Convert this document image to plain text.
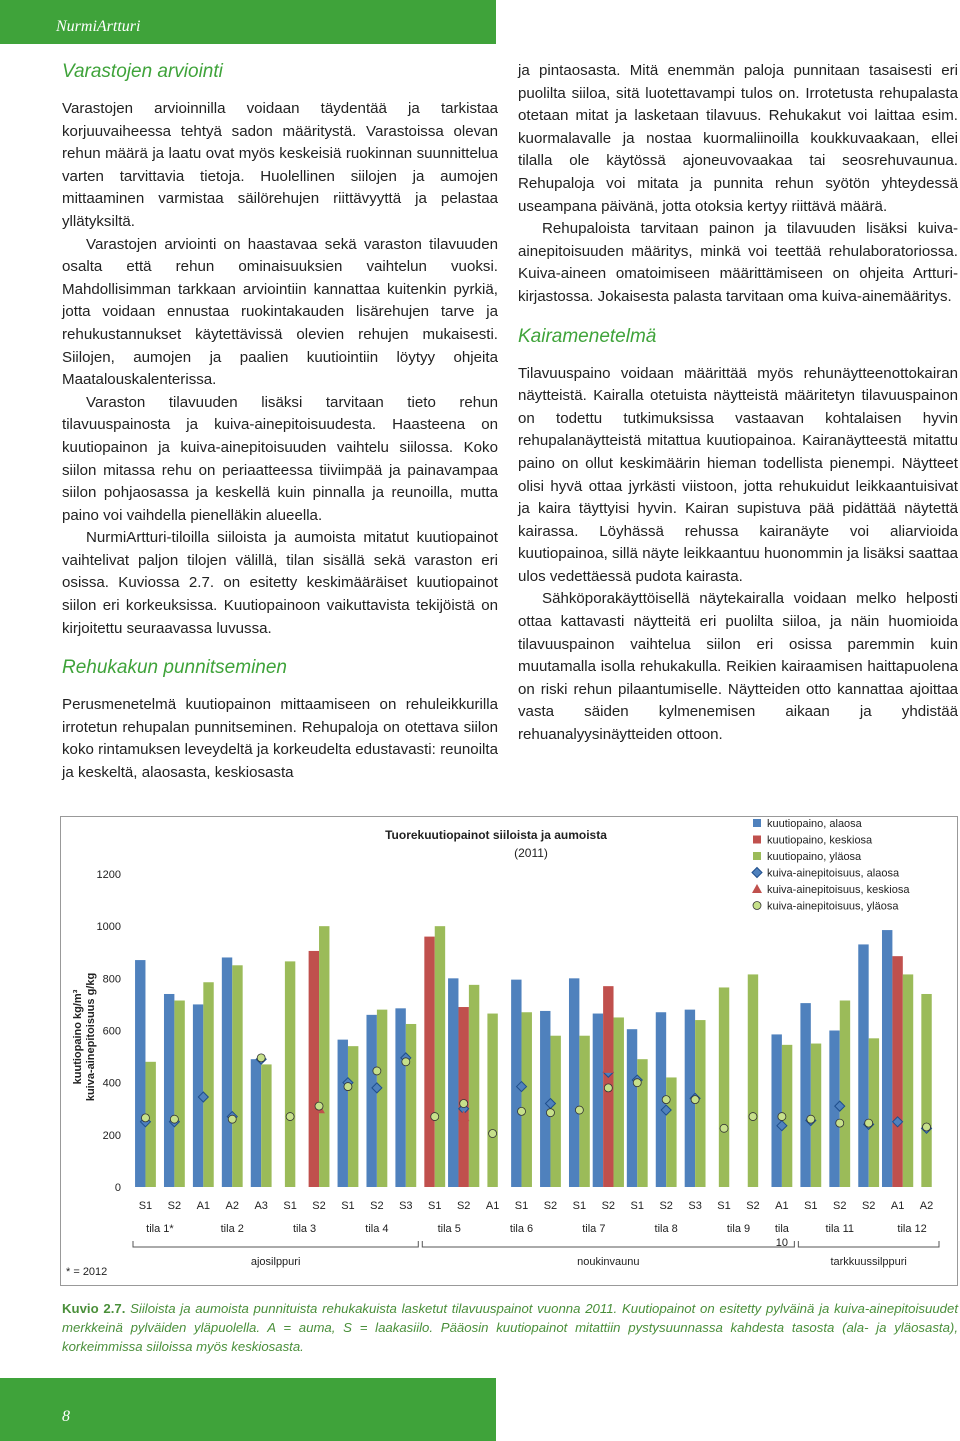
NurmiArtturi
Varastojen arviointi

Varastojen arvioinnilla voidaan täydentää ja tarkistaa korjuuvaiheessa tehtyä sadon määritystä. Varastoissa olevan rehun määrä ja laatu ovat myös keskeisiä ruokinnan suunnittelua varten tarvittavia tietoja. Huolellinen siilojen ja aumojen mittaaminen varmistaa säilörehujen riittävyyttä ja pelastaa yllätyksiltä.

Varastojen arviointi on haastavaa sekä varaston tilavuuden osalta että rehun ominaisuuksien vaihtelun vuoksi. Mahdollisimman tarkkaan arviointiin kannattaa kuitenkin pyrkiä, jotta voidaan ennustaa ruokintakauden lisärehujen tarve ja rehukustannukset käytettävissä olevien rehujen mukaisesti. Siilojen, aumojen ja paalien kuutiointiin löytyy ohjeita Maatalouskalenterissa.

Varaston tilavuuden lisäksi tarvitaan tieto rehun tilavuuspainosta ja kuiva-ainepitoisuudesta. Haasteena on kuutiopainon ja kuiva-ainepitoisuuden vaihtelu siilossa. Koko siilon mitassa rehu on periaatteessa tiiviimpää ja painavampaa siilon pohjaosassa ja keskellä kuin pinnalla ja reunoilla, mutta paino voi vaihdella pienelläkin alueella.

NurmiArtturi-tiloilla siiloista ja aumoista mitatut kuutiopainot vaihtelivat paljon tilojen välillä, tilan sisällä sekä varaston eri osissa. Kuviossa 2.7. on esitetty keskimääräiset kuutiopainot siilon eri korkeuksissa. Kuutiopainoon vaikuttavista tekijöistä on kirjoitettu seuraavassa luvussa.

Rehukakun punnitseminen

Perusmenetelmä kuutiopainon mittaamiseen on rehuleikkurilla irrotetun rehupalan punnitseminen. Rehupaloja on otettava siilon koko rintamuksen leveydeltä ja korkeudelta edustavasti: reunoilta ja keskeltä, alaosasta, keskiosasta

ja pintaosasta. Mitä enemmän paloja punnitaan tasaisesti eri puolilta siiloa, sitä luotettavampi tulos on. Irrotetusta rehupalasta otetaan mitat ja lasketaan tilavuus. Rehukakut voi laittaa esim. kuormalavalle ja nostaa kuormaliinoilla koukkuvaakaan, ellei tilalla ole käytössä ajoneuvovaakaa tai seosrehuvaunua. Rehupaloja voi mitata ja punnita rehun syötön yhteydessä useampana päivänä, jotta otoksia kertyy riittävä määrä.

Rehupaloista tarvitaan painon ja tilavuuden lisäksi kuiva-ainepitoisuuden määritys, minkä voi teettää rehulaboratoriossa. Kuiva-aineen omatoimiseen määrittämiseen on ohjeita Artturi-kirjastossa. Jokaisesta palasta tarvitaan oma kuiva-ainemääritys.

Kairamenetelmä

Tilavuuspaino voidaan määrittää myös rehunäytteenottokairan näytteistä. Kairalla otetuista näytteistä määritetyn tilavuuspainon on todettu tutkimuksissa vastaavan kohtalaisen hyvin rehupalanäytteistä mitattua kuutiopainoa. Kairanäytteestä mitattu paino on ollut keskimäärin hieman todellista pienempi. Näytteet olisi hyvä ottaa jyrkästi viistoon, jotta rehukuidut leikkaantuisivat ja kaira täyttyisi hyvin. Kairan supistuva pää pidättää näytettä kairassa. Löyhässä rehussa kairanäyte voi aliarvioida kuutiopainoa, sillä näyte leikkaantuu huonommin ja lisäksi saattaa ulos vedettäessä pudota kairasta.

Sähköporakäyttöisellä näytekairalla voidaan melko helposti ottaa kattavasti näytteitä eri puolilta siiloa, ja näin huomioida tilavuuspainon vaihtelua siilon eri osissa paremmin kuin muutamalla isolla rehukakulla. Reikien kairaamisen haittapuolena on riski rehun pilaantumiselle. Näytteiden otto kannattaa ajoittaa vasta säiden kylmenemisen aikaan ja yhdistää rehuanalyysinäytteiden ottoon.

0
200
400
600
800
1000
1200
kuutiopaino kg/m³ kuiva-ainepitoisuus g/kg
Tuorekuutiopainot siiloista ja aumoista
(2011)
S1 S2 A1 A2 A3 S1 S2 S1 S2 S3 S1 S2 A1 S1 S2 S1 S2 S1 S2 S3 S1 S2 A1 S1 S2 S2 A1 A2
tila 1*	tila 2	tila 3	tila 4	tila 5	tila 6	tila 7	tila 8	tila 9 tila
10
tila 11	tila 12
ajosilppuri	noukinvaunu	tarkkuussilppuri
* = 2012
kuutiopaino, alaosa
kuutiopaino, keskiosa
kuutiopaino, yläosa
kuiva-ainepitoisuus, alaosa
kuiva-ainepitoisuus, keskiosa
kuiva-ainepitoisuus, yläosa
Kuvio 2.7. Siiloista ja aumoista punnituista rehukakuista lasketut tilavuuspainot vuonna 2011. Kuutiopainot on esitetty pylväinä ja kuiva-ainepitoisuudet merkkeinä pylväiden yläpuolella. A = auma, S = laakasiilo. Pääosin kuutiopainot mitattiin pystysuunnassa kahdesta tasosta (ala- ja yläosasta), korkeimmissa siiloissa myös keskiosasta.
8
